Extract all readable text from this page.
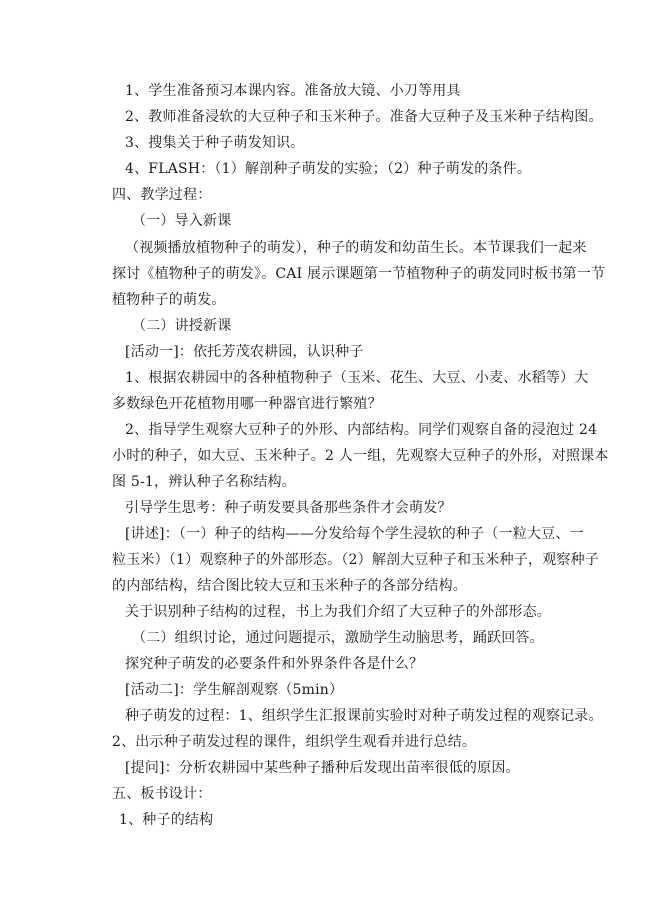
1、学生准备预习本课内容。准备放大镜、小刀等用具
2、教师准备浸软的大豆种子和玉米种子。准备大豆种子及玉米种子结构图。
3、搜集关于种子萌发知识。
4、FLASH：（1）解剖种子萌发的实验；（2）种子萌发的条件。
四、教学过程：
（一）导入新课
（视频播放植物种子的萌发），种子的萌发和幼苗生长。本节课我们一起来
探讨《植物种子的萌发》。CAI 展示课题第一节植物种子的萌发同时板书第一节
植物种子的萌发。
（二）讲授新课
[活动一]：依托芳茂农耕园，认识种子
1、根据农耕园中的各种植物种子（玉米、花生、大豆、小麦、水稻等）大
多数绿色开花植物用哪一种器官进行繁殖？
2、指导学生观察大豆种子的外形、内部结构。同学们观察自备的浸泡过 24
小时的种子，如大豆、玉米种子。2 人一组，先观察大豆种子的外形，对照课本
图 5-1，辨认种子名称结构。
引导学生思考：种子萌发要具备那些条件才会萌发？
[讲述]：（一）种子的结构——分发给每个学生浸软的种子（一粒大豆、一
粒玉米）（1）观察种子的外部形态。（2）解剖大豆种子和玉米种子，观察种子
的内部结构，结合图比较大豆和玉米种子的各部分结构。
关于识别种子结构的过程，书上为我们介绍了大豆种子的外部形态。
（二）组织讨论，通过问题提示，激励学生动脑思考，踊跃回答。
探究种子萌发的必要条件和外界条件各是什么？
[活动二]：学生解剖观察（5min）
种子萌发的过程：1、组织学生汇报课前实验时对种子萌发过程的观察记录。
2、出示种子萌发过程的课件，组织学生观看并进行总结。
[提问]：分析农耕园中某些种子播种后发现出苗率很低的原因。
五、板书设计：
1、种子的结构
